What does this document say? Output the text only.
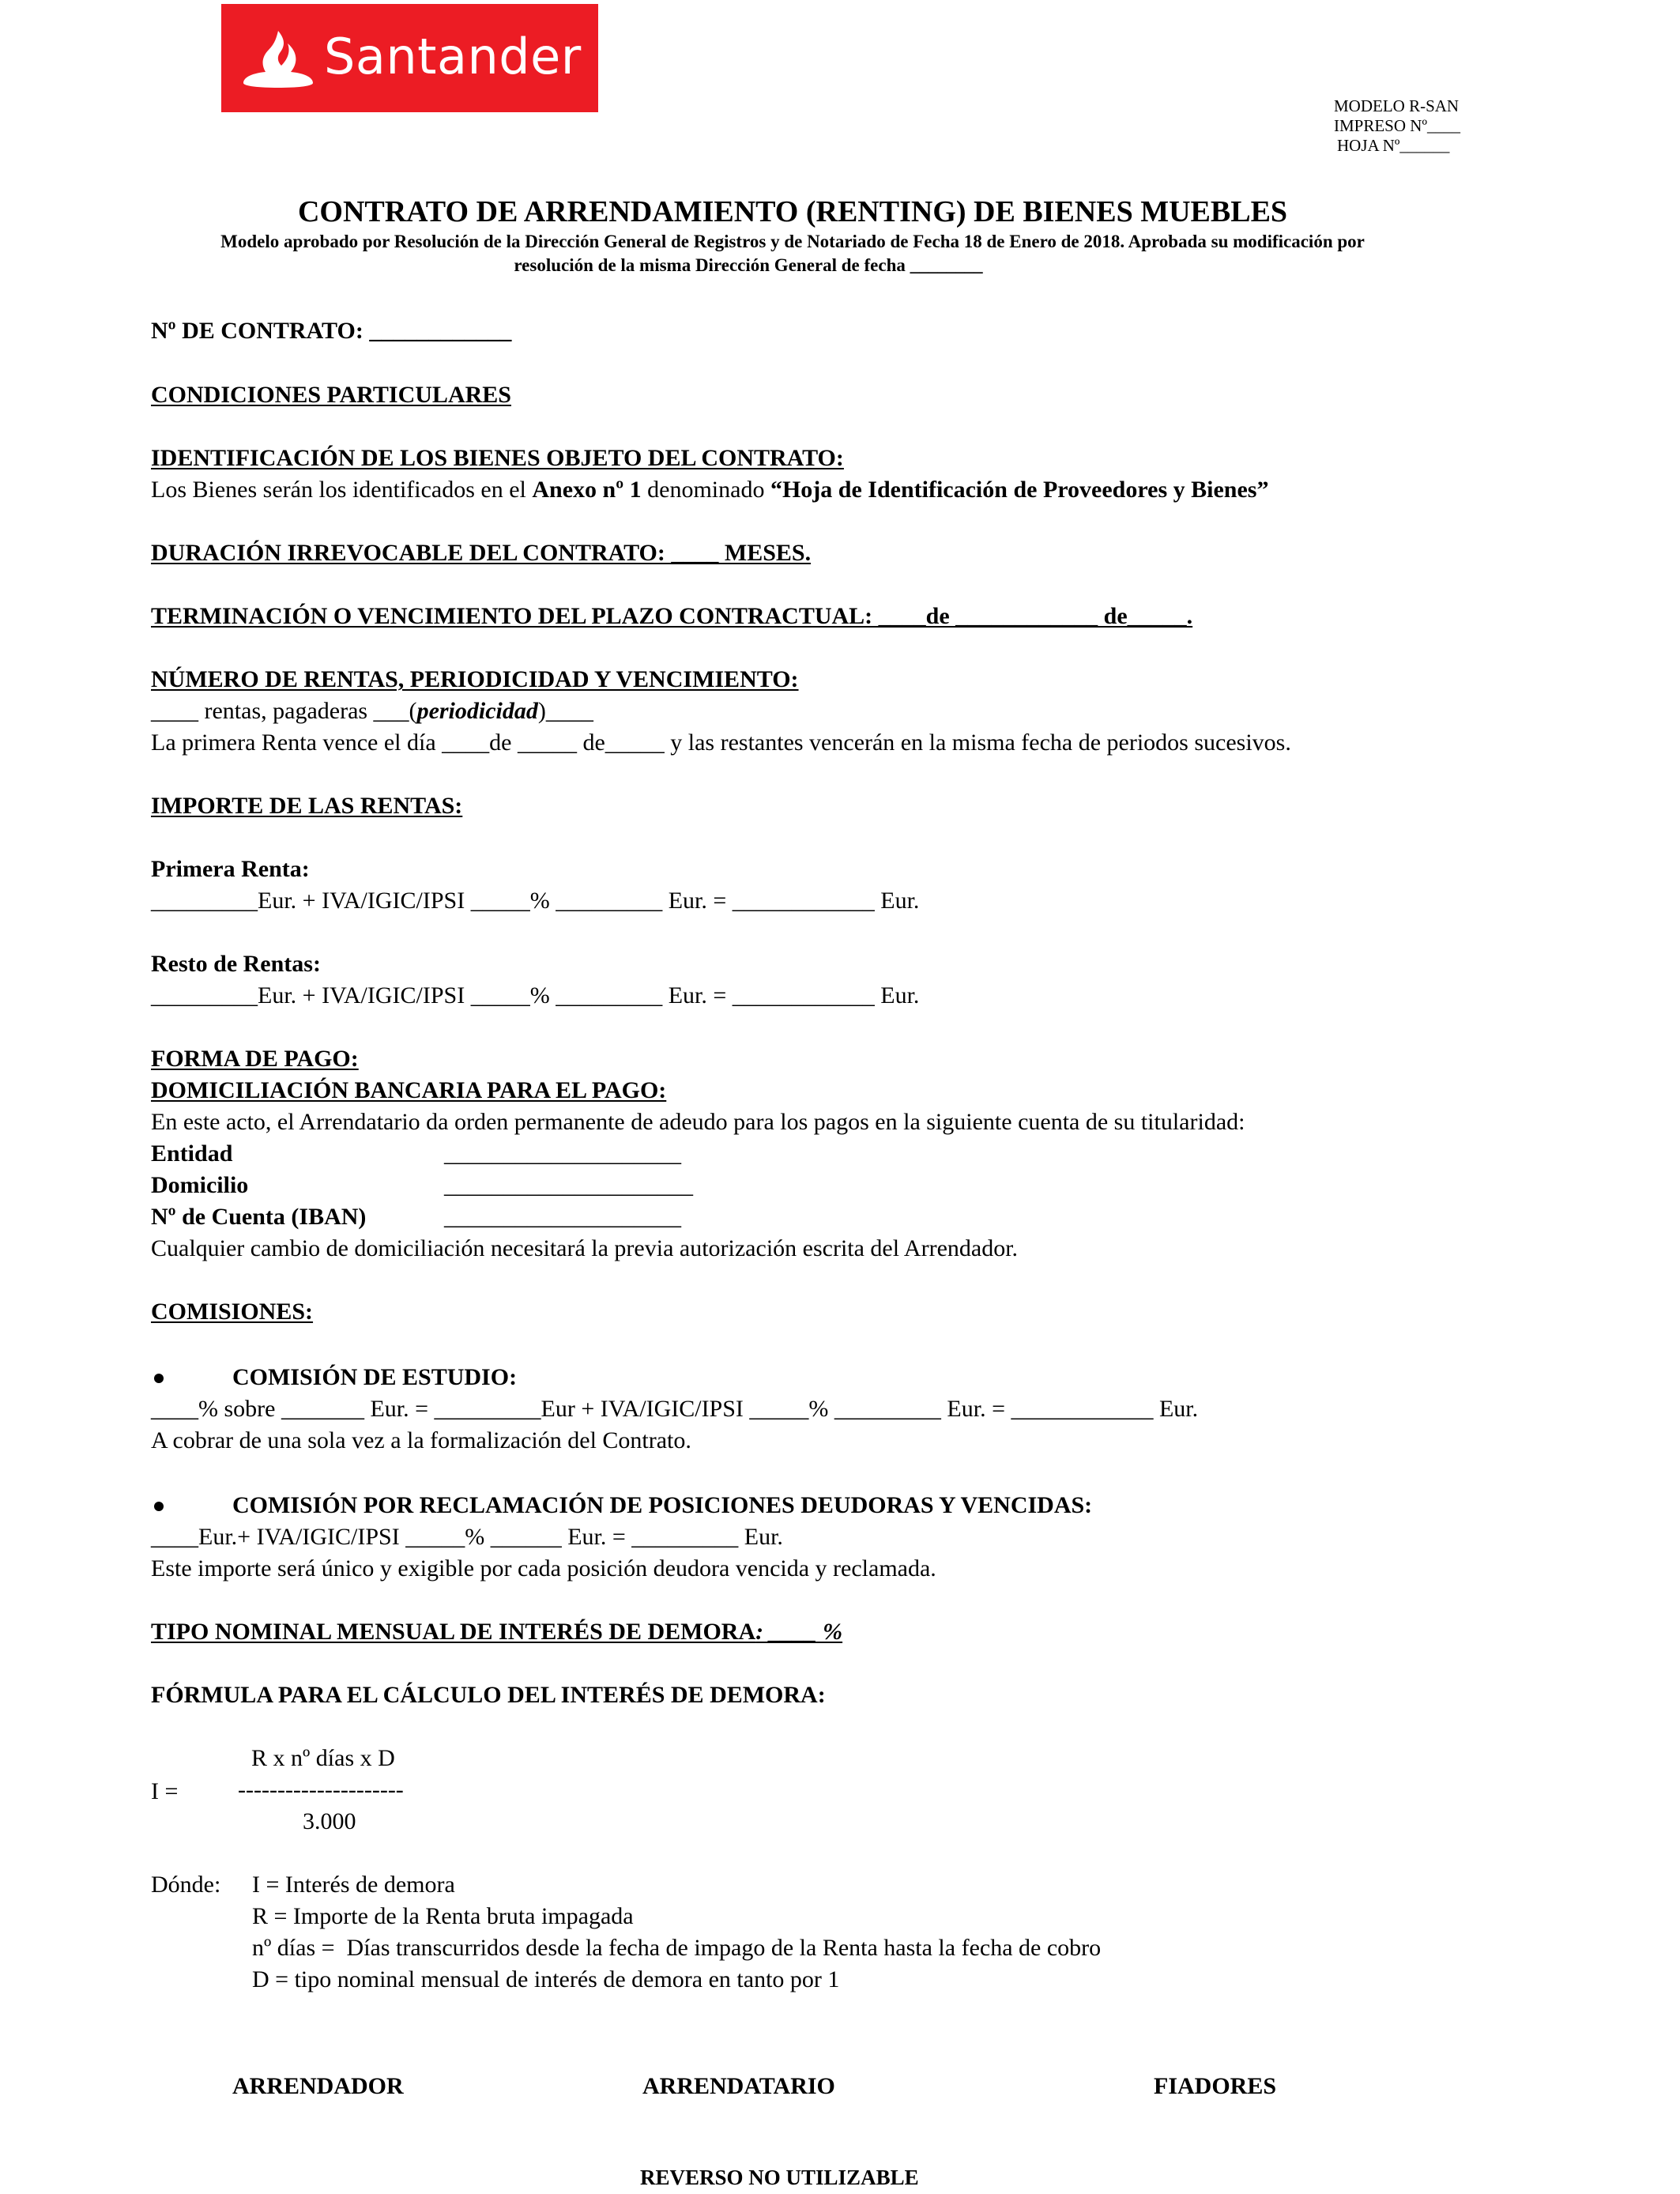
Santander
MODELO R-SAN
IMPRESO Nº____
HOJA Nº______
CONTRATO DE ARRENDAMIENTO (RENTING) DE BIENES MUEBLES
Modelo aprobado por Resolución de la Dirección General de Registros y de Notariado de Fecha 18 de Enero de 2018. Aprobada su modificación por
resolución de la misma Dirección General de fecha ________
Nº DE CONTRATO: ____________
CONDICIONES PARTICULARES
IDENTIFICACIÓN DE LOS BIENES OBJETO DEL CONTRATO:
Los Bienes serán los identificados en el Anexo nº 1 denominado “Hoja de Identificación de Proveedores y Bienes”
DURACIÓN IRREVOCABLE DEL CONTRATO: ____ MESES.
TERMINACIÓN O VENCIMIENTO DEL PLAZO CONTRACTUAL: ____de ____________ de_____.
NÚMERO DE RENTAS, PERIODICIDAD Y VENCIMIENTO:
____ rentas, pagaderas ___(periodicidad)____
La primera Renta vence el día ____de _____ de_____ y las restantes vencerán en la misma fecha de periodos sucesivos.
IMPORTE DE LAS RENTAS:
Primera Renta:
_________Eur. + IVA/IGIC/IPSI _____% _________ Eur. = ____________ Eur.
Resto de Rentas:
_________Eur. + IVA/IGIC/IPSI _____% _________ Eur. = ____________ Eur.
FORMA DE PAGO:
DOMICILIACIÓN BANCARIA PARA EL PAGO:
En este acto, el Arrendatario da orden permanente de adeudo para los pagos en la siguiente cuenta de su titularidad:
Entidad	____________________
Domicilio	_____________________
Nº de Cuenta (IBAN)	____________________
Cualquier cambio de domiciliación necesitará la previa autorización escrita del Arrendador.
COMISIONES:
COMISIÓN DE ESTUDIO:
____% sobre _______ Eur. = _________Eur + IVA/IGIC/IPSI _____% _________ Eur. = ____________ Eur.
A cobrar de una sola vez a la formalización del Contrato.
COMISIÓN POR RECLAMACIÓN DE POSICIONES DEUDORAS Y VENCIDAS:
____Eur.+ IVA/IGIC/IPSI _____% ______ Eur. = _________ Eur.
Este importe será único y exigible por cada posición deudora vencida y reclamada.
TIPO NOMINAL MENSUAL DE INTERÉS DE DEMORA: ____ %
FÓRMULA PARA EL CÁLCULO DEL INTERÉS DE DEMORA:
R x nº días x D
I =	---------------------
3.000
Dónde: I = Interés de demora
R = Importe de la Renta bruta impagada
nº días =  Días transcurridos desde la fecha de impago de la Renta hasta la fecha de cobro
D = tipo nominal mensual de interés de demora en tanto por 1
ARRENDADOR	ARRENDATARIO	FIADORES
REVERSO NO UTILIZABLE
